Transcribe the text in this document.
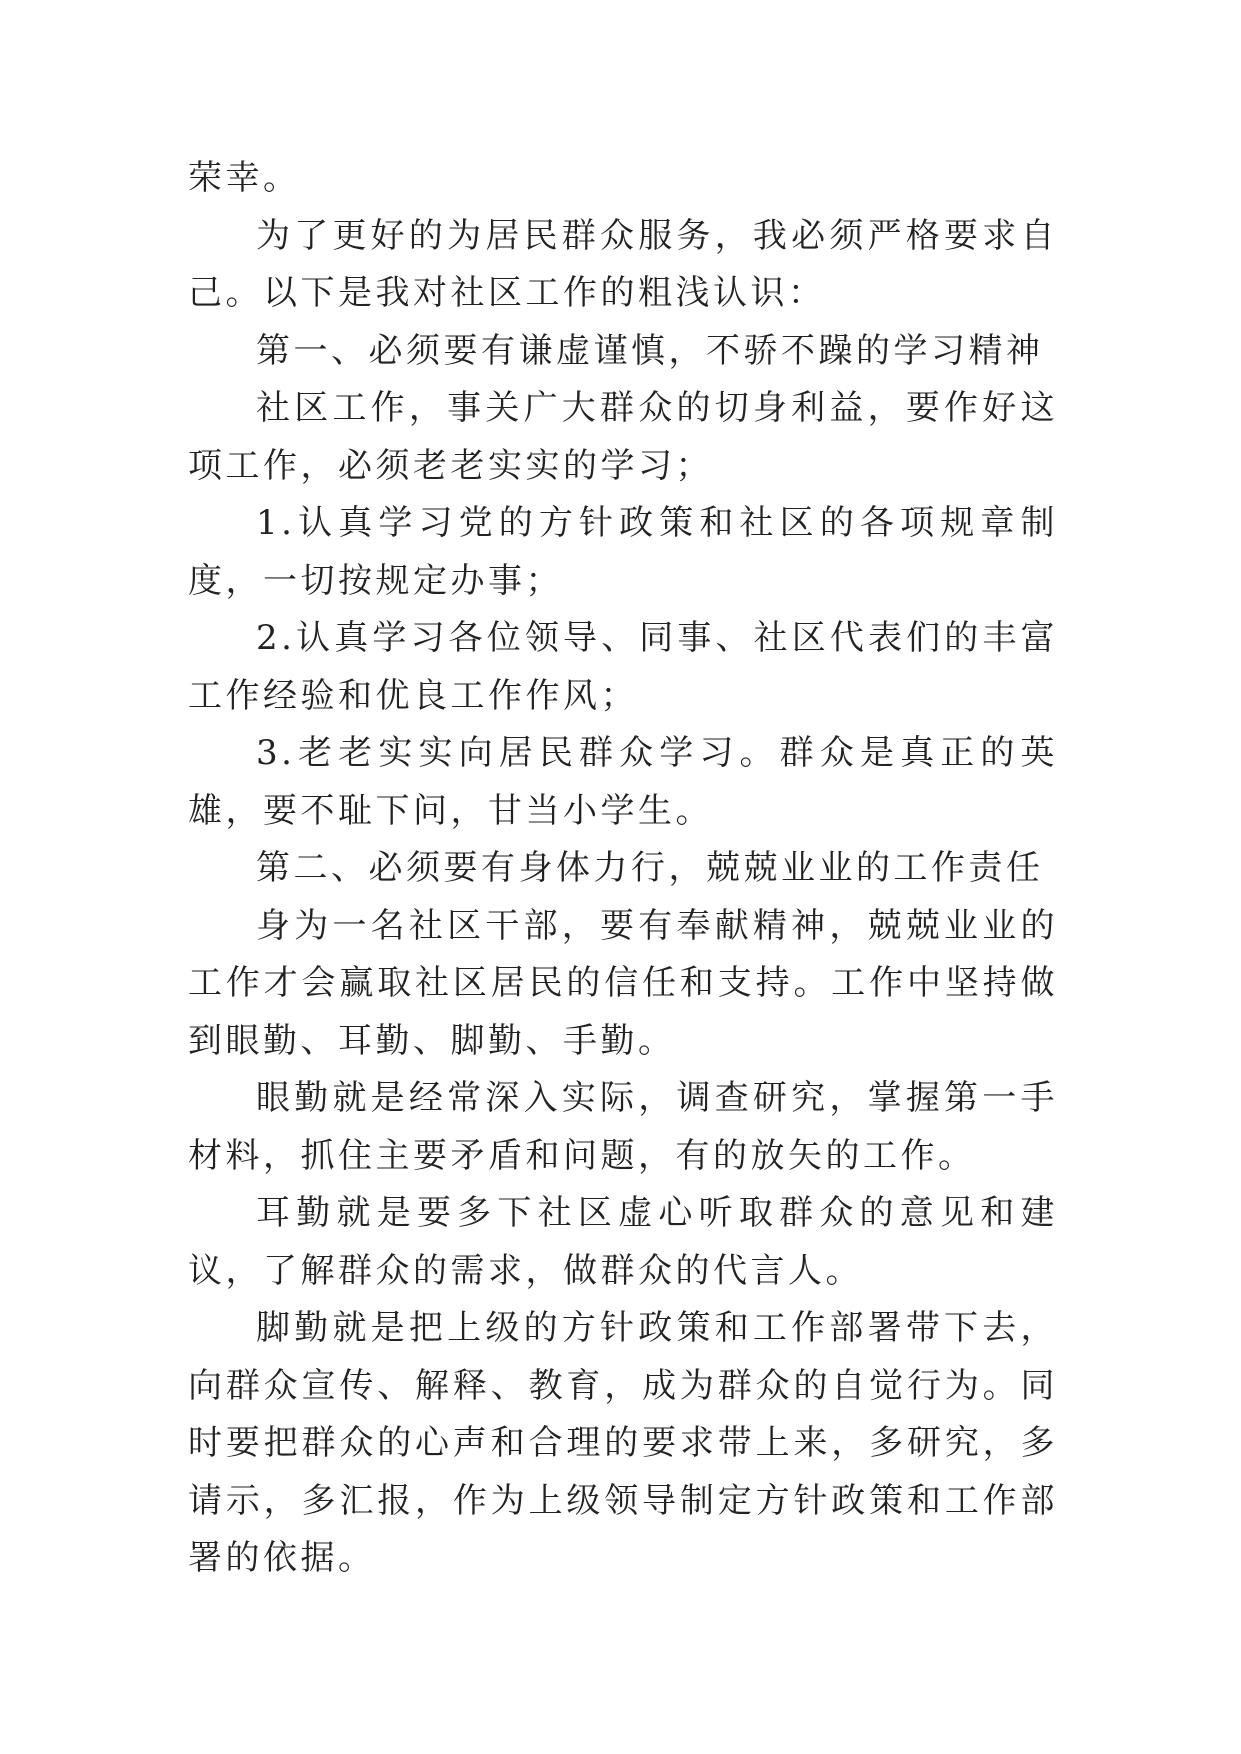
荣幸。

为了更好的为居民群众服务，我必须严格要求自己。以下是我对社区工作的粗浅认识：

第一、必须要有谦虚谨慎，不骄不躁的学习精神

社区工作，事关广大群众的切身利益，要作好这项工作，必须老老实实的学习；

1.认真学习党的方针政策和社区的各项规章制度，一切按规定办事；

2.认真学习各位领导、同事、社区代表们的丰富工作经验和优良工作作风；

3.老老实实向居民群众学习。群众是真正的英雄，要不耻下问，甘当小学生。

第二、必须要有身体力行，兢兢业业的工作责任

身为一名社区干部，要有奉献精神，兢兢业业的工作才会赢取社区居民的信任和支持。工作中坚持做到眼勤、耳勤、脚勤、手勤。

眼勤就是经常深入实际，调查研究，掌握第一手材料，抓住主要矛盾和问题，有的放矢的工作。

耳勤就是要多下社区虚心听取群众的意见和建议，了解群众的需求，做群众的代言人。

脚勤就是把上级的方针政策和工作部署带下去，向群众宣传、解释、教育，成为群众的自觉行为。同时要把群众的心声和合理的要求带上来，多研究，多请示，多汇报，作为上级领导制定方针政策和工作部署的依据。
